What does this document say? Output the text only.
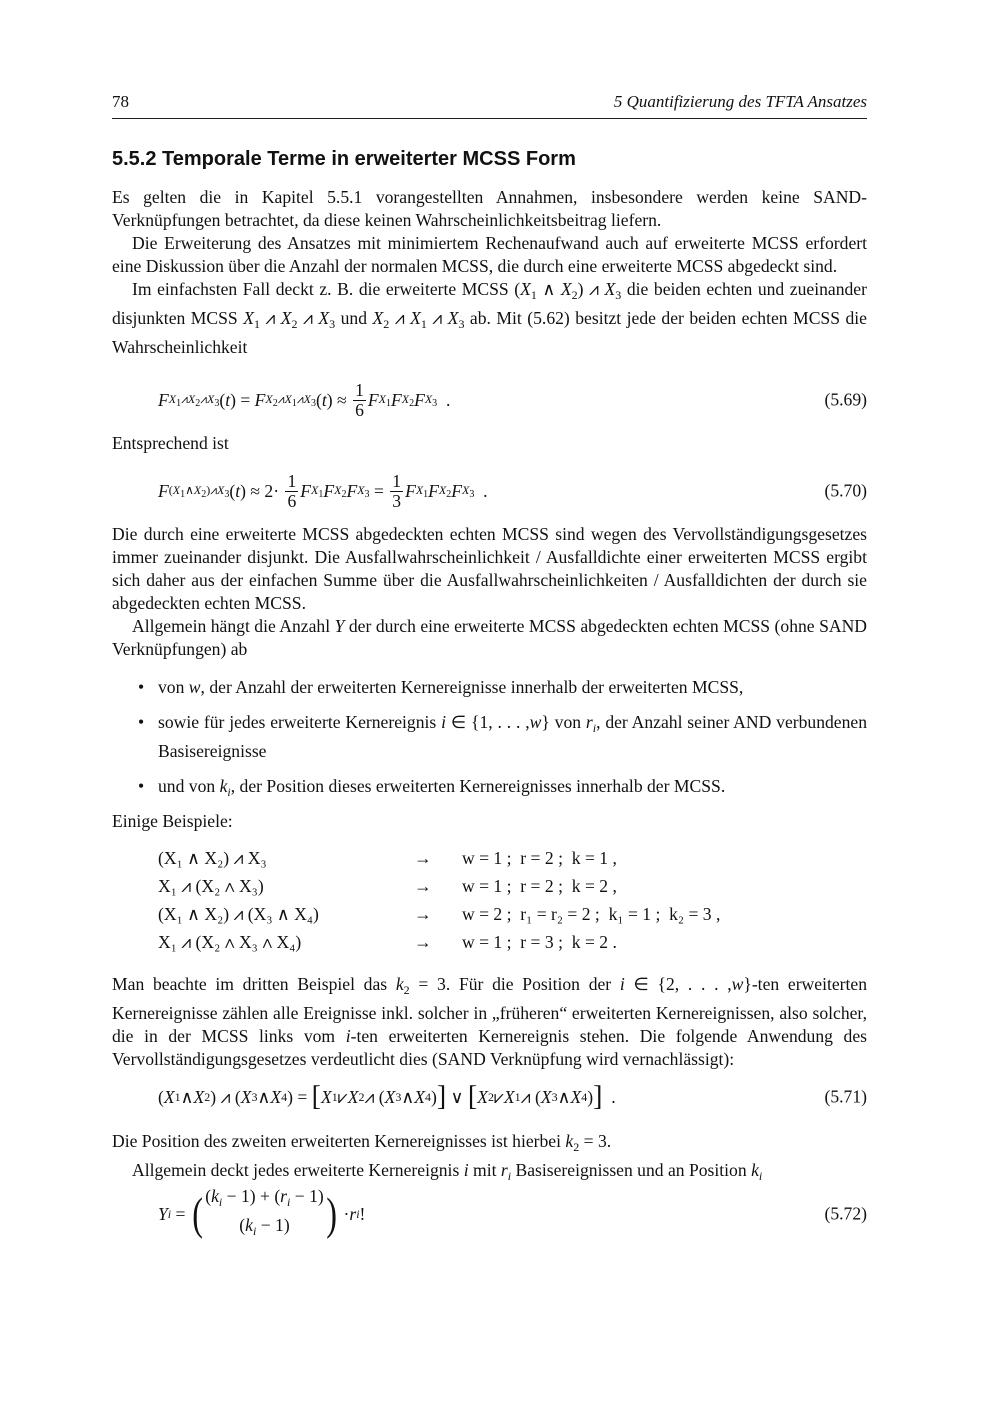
78	5 Quantifizierung des TFTA Ansatzes
5.5.2 Temporale Terme in erweiterter MCSS Form

Es gelten die in Kapitel 5.5.1 vorangestellten Annahmen, insbesondere werden keine SAND-Verknüpfungen betrachtet, da diese keinen Wahrscheinlichkeitsbeitrag liefern.

Die Erweiterung des Ansatzes mit minimiertem Rechenaufwand auch auf erweiterte MCSS erfordert eine Diskussion über die Anzahl der normalen MCSS, die durch eine erweiterte MCSS abgedeckt sind.

Im einfachsten Fall deckt z. B. die erweiterte MCSS ($X_1$ ∧ $X_2$) ⩘ $X_3$ die beiden echten und zueinander disjunkten MCSS $X_1$ ⩘ $X_2$ ⩘ $X_3$ und $X_2$ ⩘ $X_1$ ⩘ $X_3$ ab. Mit (5.62) besitzt jede der beiden echten MCSS die Wahrscheinlichkeit

F $X_1⩘X_2⩘X_3$ ( t ) = F $X_2⩘X_1⩘X_3$ ( t ) ≈ $\frac{1}{6}$ F $X_1$ F $X_2$ F $X_3$ .	(5.69)

Entsprechend ist

F $(X_1\wedge X_2)⩘X_3$ ( t ) ≈ $2\cdot \frac{1}{6}$ F $X_1$ F $X_2$ F $X_3 = \frac{1}{3}$ F $X_1$ F $X_2$ F $X_3$ .	(5.70)

Die durch eine erweiterte MCSS abgedeckten echten MCSS sind wegen des Vervollständigungsgesetzes immer zueinander disjunkt. Die Ausfallwahrscheinlichkeit / Ausfalldichte einer erweiterten MCSS ergibt sich daher aus der einfachen Summe über die Ausfallwahrscheinlichkeiten / Ausfalldichten der durch sie abgedeckten echten MCSS.

Allgemein hängt die Anzahl Υ der durch eine erweiterte MCSS abgedeckten echten MCSS (ohne SAND Verknüpfungen) ab

• von w, der Anzahl der erweiterten Kernereignisse innerhalb der erweiterten MCSS,
• sowie für jedes erweiterte Kernereignis i ∈ {1, . . . ,w} von $r_i$, der Anzahl seiner AND verbundenen Basisereignisse
• und von $k_i$, der Position dieses erweiterten Kernereignisses innerhalb der MCSS.

Einige Beispiele:

(X₁ ∧ X₂) ⩘ X₃	→ w = 1 ;  r = 2 ;  k = 1 ,
X₁ ⩘ (X₂ ∧ X₃)	→ w = 1 ;  r = 2 ;  k = 2 ,
(X₁ ∧ X₂) ⩘ (X₃ ∧ X₄)	→ w = 2 ;  r₁ = r₂ = 2 ;  k₁ = 1 ;  k₂ = 3 ,
X₁ ⩘ (X₂ ∧ X₃ ∧ X₄)	→ w = 1 ;  r = 3 ;  k = 2 .

Man beachte im dritten Beispiel das $k_2 = 3$. Für die Position der i ∈ {2, . . . ,w}-ten erweiterten Kernereignisse zählen alle Ereignisse inkl. solcher in „früheren“ erweiterten Kernereignissen, also solcher, die in der MCSS links vom i-ten erweiterten Kernereignis stehen. Die folgende Anwendung des Vervollständigungsgesetzes verdeutlicht dies (SAND Verknüpfung wird vernachlässigt):

( X 1 ∧ X 2 ) ⩘ ( X 3 ∧ X 4 ) = [ X 1 ⩗ X 2 ⩘ ( X 3 ∧ X 4 ) ] ∨ [ X 2 ⩗ X 1 ⩘ ( X 3 ∧ X 4 ) ] .	(5.71)

Die Position des zweiten erweiterten Kernereignisses ist hierbei $k_2 = 3$.

Allgemein deckt jedes erweiterte Kernereignis i mit $r_i$ Basisereignissen und an Position $k_i$

Υ i = ( $(k_i - 1) + (r_i - 1)$
$(k_i - 1)$ ) · r i !	(5.72)
